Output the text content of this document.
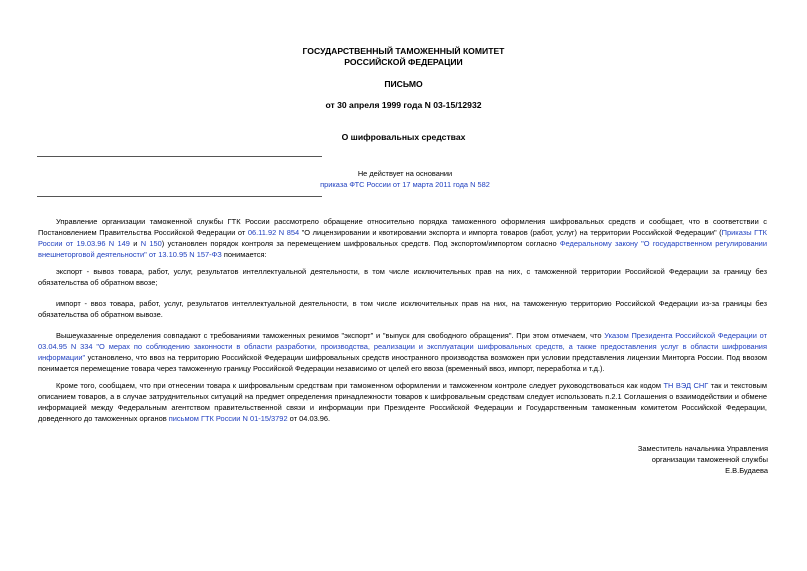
ГОСУДАРСТВЕННЫЙ ТАМОЖЕННЫЙ КОМИТЕТ
РОССИЙСКОЙ ФЕДЕРАЦИИ
ПИСЬМО
от 30 апреля 1999 года N 03-15/12932
О шифровальных средствах
Не действует на основании
приказа ФТС России от 17 марта 2011 года N 582
Управление организации таможенной службы ГТК России рассмотрело обращение относительно порядка таможенного оформления шифровальных средств и сообщает, что в соответствии с Постановлением Правительства Российской Федерации от 06.11.92 N 854 "О лицензировании и квотировании экспорта и импорта товаров (работ, услуг) на территории Российской Федерации" (Приказы ГТК России от 19.03.96 N 149 и N 150) установлен порядок контроля за перемещением шифровальных средств. Под экспортом/импортом согласно Федеральному закону "О государственном регулировании внешнеторговой деятельности" от 13.10.95 N 157-ФЗ понимается:
экспорт - вывоз товара, работ, услуг, результатов интеллектуальной деятельности, в том числе исключительных прав на них, с таможенной территории Российской Федерации за границу без обязательства об обратном ввозе;
импорт - ввоз товара, работ, услуг, результатов интеллектуальной деятельности, в том числе исключительных прав на них, на таможенную территорию Российской Федерации из-за границы без обязательства об обратном вывозе.
Вышеуказанные определения совпадают с требованиями таможенных режимов "экспорт" и "выпуск для свободного обращения". При этом отмечаем, что Указом Президента Российской Федерации от 03.04.95 N 334 "О мерах по соблюдению законности в области разработки, производства, реализации и эксплуатации шифровальных средств, а также предоставления услуг в области шифрования информации" установлено, что ввоз на территорию Российской Федерации шифровальных средств иностранного производства возможен при условии представления лицензии Минторга России. Под ввозом понимается перемещение товара через таможенную границу Российской Федерации независимо от целей его ввоза (временный ввоз, импорт, переработка и т.д.).
Кроме того, сообщаем, что при отнесении товара к шифровальным средствам при таможенном оформлении и таможенном контроле следует руководствоваться как кодом ТН ВЭД СНГ так и текстовым описанием товаров, а в случае затруднительных ситуаций на предмет определения принадлежности товаров к шифровальным средствам следует использовать п.2.1 Соглашения о взаимодействии и обмене информацией между Федеральным агентством правительственной связи и информации при Президенте Российской Федерации и Государственным таможенным комитетом Российской Федерации, доведенного до таможенных органов письмом ГТК России N 01-15/3792 от 04.03.96.
Заместитель начальника Управления
организации таможенной службы
Е.В.Будаева
